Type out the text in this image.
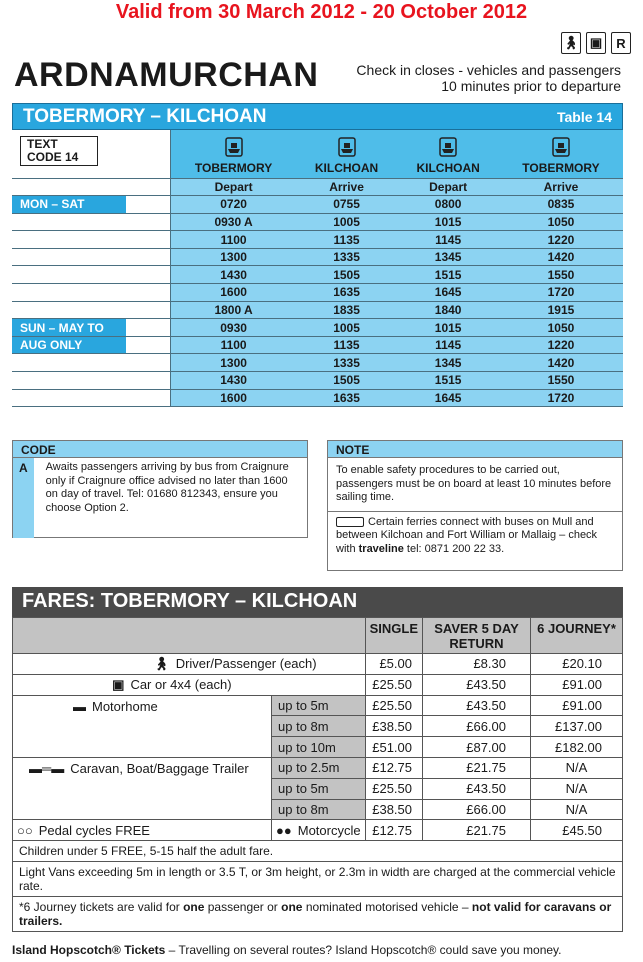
Valid from 30 March 2012 - 20 October 2012
🚶︎ ▣	R
ARDNAMURCHAN	Check in closes - vehicles and passengers 10 minutes prior to departure
TOBERMORY – KILCHOAN	Table 14
TEXT CODE 14		TOBERMORY	KILCHOAN	KILCHOAN	TOBERMORY
		Depart	Arrive	Depart	Arrive
MON – SAT		0720	0755	0800	0835
		0930 A	1005	1015	1050
		1100	1135	1145	1220
		1300	1335	1345	1420
		1430	1505	1515	1550
		1600	1635	1645	1720
		1800 A	1835	1840	1915
SUN – MAY TO		0930	1005	1015	1050
AUG ONLY		1100	1135	1145	1220
		1300	1335	1345	1420
		1430	1505	1515	1550
		1600	1635	1645	1720
CODE
A	Awaits passengers arriving by bus from Craignure only if Craignure office advised no later than 1600 on day of travel. Tel: 01680 812343, ensure you choose Option 2.
NOTE
To enable safety procedures to be carried out, passengers must be on board at least 10 minutes before sailing time.
Certain ferries connect with buses on Mull and between Kilchoan and Fort William or Mallaig – check with traveline tel: 0871 200 22 33.
FARES: TOBERMORY – KILCHOAN
		SINGLE	SAVER 5 DAY RETURN	6 JOURNEY*
🚶︎ Driver/Passenger (each)		£5.00	£8.30	£20.10
▣ Car or 4x4 (each)		£25.50	£43.50	£91.00
▬ Motorhome	up to 5m	£25.50	£43.50	£91.00
	up to 8m	£38.50	£66.00	£137.00
	up to 10m	£51.00	£87.00	£182.00
▬═▬ Caravan, Boat/Baggage Trailer	up to 2.5m	£12.75	£21.75	N/A
	up to 5m	£25.50	£43.50	N/A
	up to 8m	£38.50	£66.00	N/A
○○ Pedal cycles FREE	●● Motorcycle	£12.75	£21.75	£45.50
Children under 5 FREE, 5-15 half the adult fare.				
Light Vans exceeding 5m in length or 3.5 T, or 3m height, or 2.3m in width are charged at the commercial vehicle rate.				
*6 Journey tickets are valid for one passenger or one nominated motorised vehicle – not valid for caravans or trailers.				
Island Hopscotch® Tickets – Travelling on several routes? Island Hopscotch® could save you money.
